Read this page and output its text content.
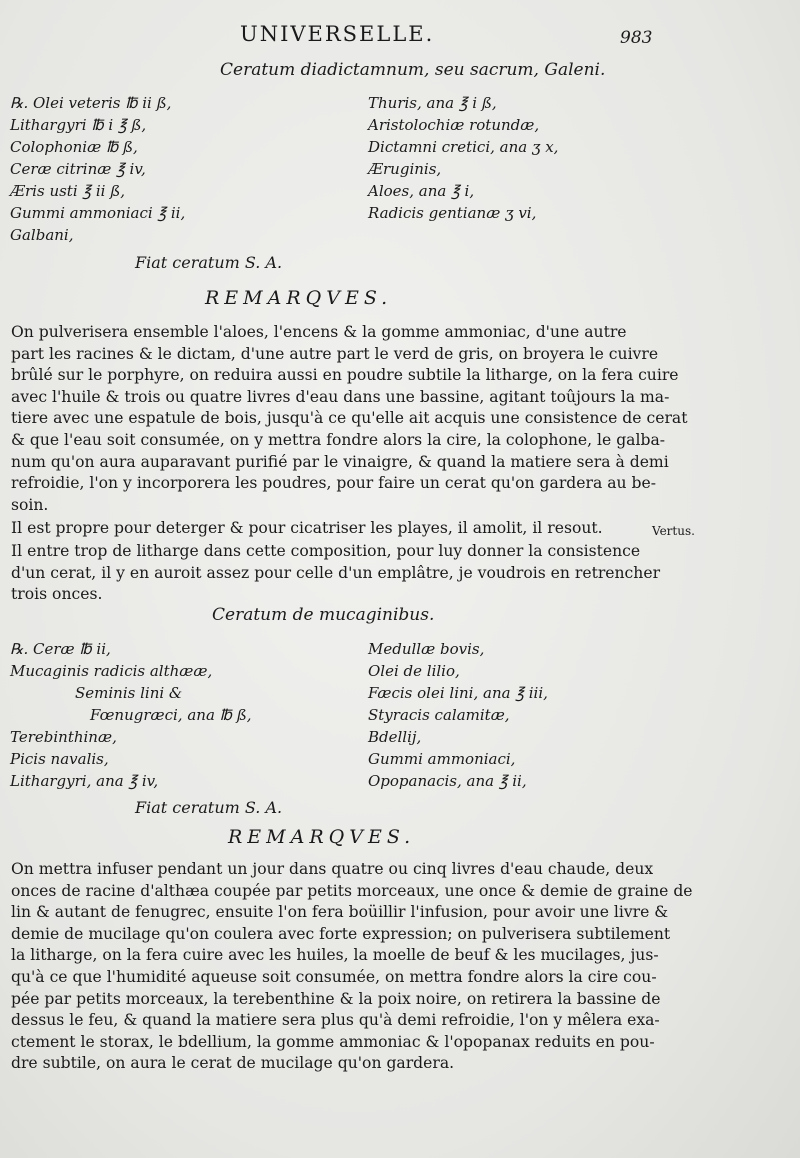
UNIVERSELLE.	983
Ceratum diadictamnum, seu sacrum, Galeni.
℞. Olei veteris ℔ ii ß,
Lithargyri ℔ i ℥ ß,
Colophoniæ ℔ ß,
Ceræ citrinæ ℥ iv,
Æris usti ℥ ii ß,
Gummi ammoniaci ℥ ii,
Galbani,
Thuris, ana ℥ i ß,
Aristolochiæ rotundæ,
Dictamni cretici, ana ʒ x,
Æruginis,
Aloes, ana ℥ i,
Radicis gentianæ ʒ vi,
Fiat ceratum S. A.
REMARQVES.
On pulverisera ensemble l'aloes, l'encens & la gomme ammoniac, d'une autre
part les racines & le dictam, d'une autre part le verd de gris, on broyera le cuivre
brûlé sur le porphyre, on reduira aussi en poudre subtile la litharge, on la fera cuire
avec l'huile & trois ou quatre livres d'eau dans une bassine, agitant toûjours la ma-
tiere avec une espatule de bois, jusqu'à ce qu'elle ait acquis une consistence de cerat
& que l'eau soit consumée, on y mettra fondre alors la cire, la colophone, le galba-
num qu'on aura auparavant purifié par le vinaigre, & quand la matiere sera à demi
refroidie, l'on y incorporera les poudres, pour faire un cerat qu'on gardera au be-
soin.
Il est propre pour deterger & pour cicatriser les playes, il amolit, il resout.	Vertus.
Il entre trop de litharge dans cette composition, pour luy donner la consistence
d'un cerat, il y en auroit assez pour celle d'un emplâtre, je voudrois en retrencher
trois onces.
Ceratum de mucaginibus.
℞. Ceræ ℔ ii,
Mucaginis radicis althææ,
Seminis lini &
Fœnugræci, ana ℔ ß,
Terebinthinæ,
Picis navalis,
Lithargyri, ana ℥ iv,
Medullæ bovis,
Olei de lilio,
Fæcis olei lini, ana ℥ iii,
Styracis calamitæ,
Bdellij,
Gummi ammoniaci,
Opopanacis, ana ℥ ii,
Fiat ceratum S. A.
REMARQVES.
On mettra infuser pendant un jour dans quatre ou cinq livres d'eau chaude, deux
onces de racine d'althæa coupée par petits morceaux, une once & demie de graine de
lin & autant de fenugrec, ensuite l'on fera boüillir l'infusion, pour avoir une livre &
demie de mucilage qu'on coulera avec forte expression; on pulverisera subtilement
la litharge, on la fera cuire avec les huiles, la moelle de beuf & les mucilages, jus-
qu'à ce que l'humidité aqueuse soit consumée, on mettra fondre alors la cire cou-
pée par petits morceaux, la terebenthine & la poix noire, on retirera la bassine de
dessus le feu, & quand la matiere sera plus qu'à demi refroidie, l'on y mêlera exa-
ctement le storax, le bdellium, la gomme ammoniac & l'opopanax reduits en pou-
dre subtile, on aura le cerat de mucilage qu'on gardera.
